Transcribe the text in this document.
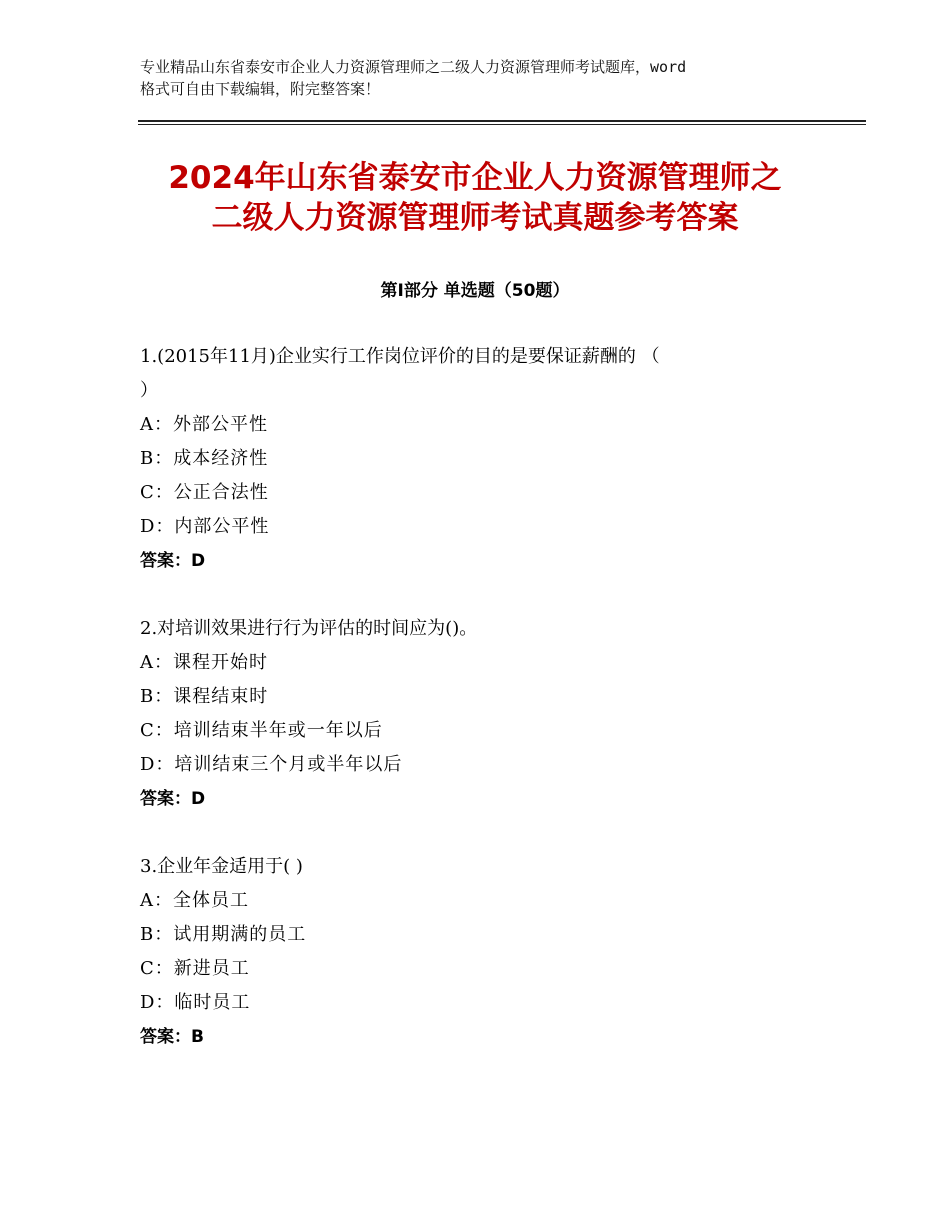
专业精品山东省泰安市企业人力资源管理师之二级人力资源管理师考试题库，word
格式可自由下载编辑，附完整答案！
2024年山东省泰安市企业人力资源管理师之
二级人力资源管理师考试真题参考答案
第Ⅰ部分 单选题（50题）
1.(2015年11月)企业实行工作岗位评价的目的是要保证薪酬的 （
）
A：外部公平性
B：成本经济性
C：公正合法性
D：内部公平性
答案：D
2.对培训效果进行行为评估的时间应为()。
A：课程开始时
B：课程结束时
C：培训结束半年或一年以后
D：培训结束三个月或半年以后
答案：D
3.企业年金适用于( )
A：全体员工
B：试用期满的员工
C：新进员工
D：临时员工
答案：B
